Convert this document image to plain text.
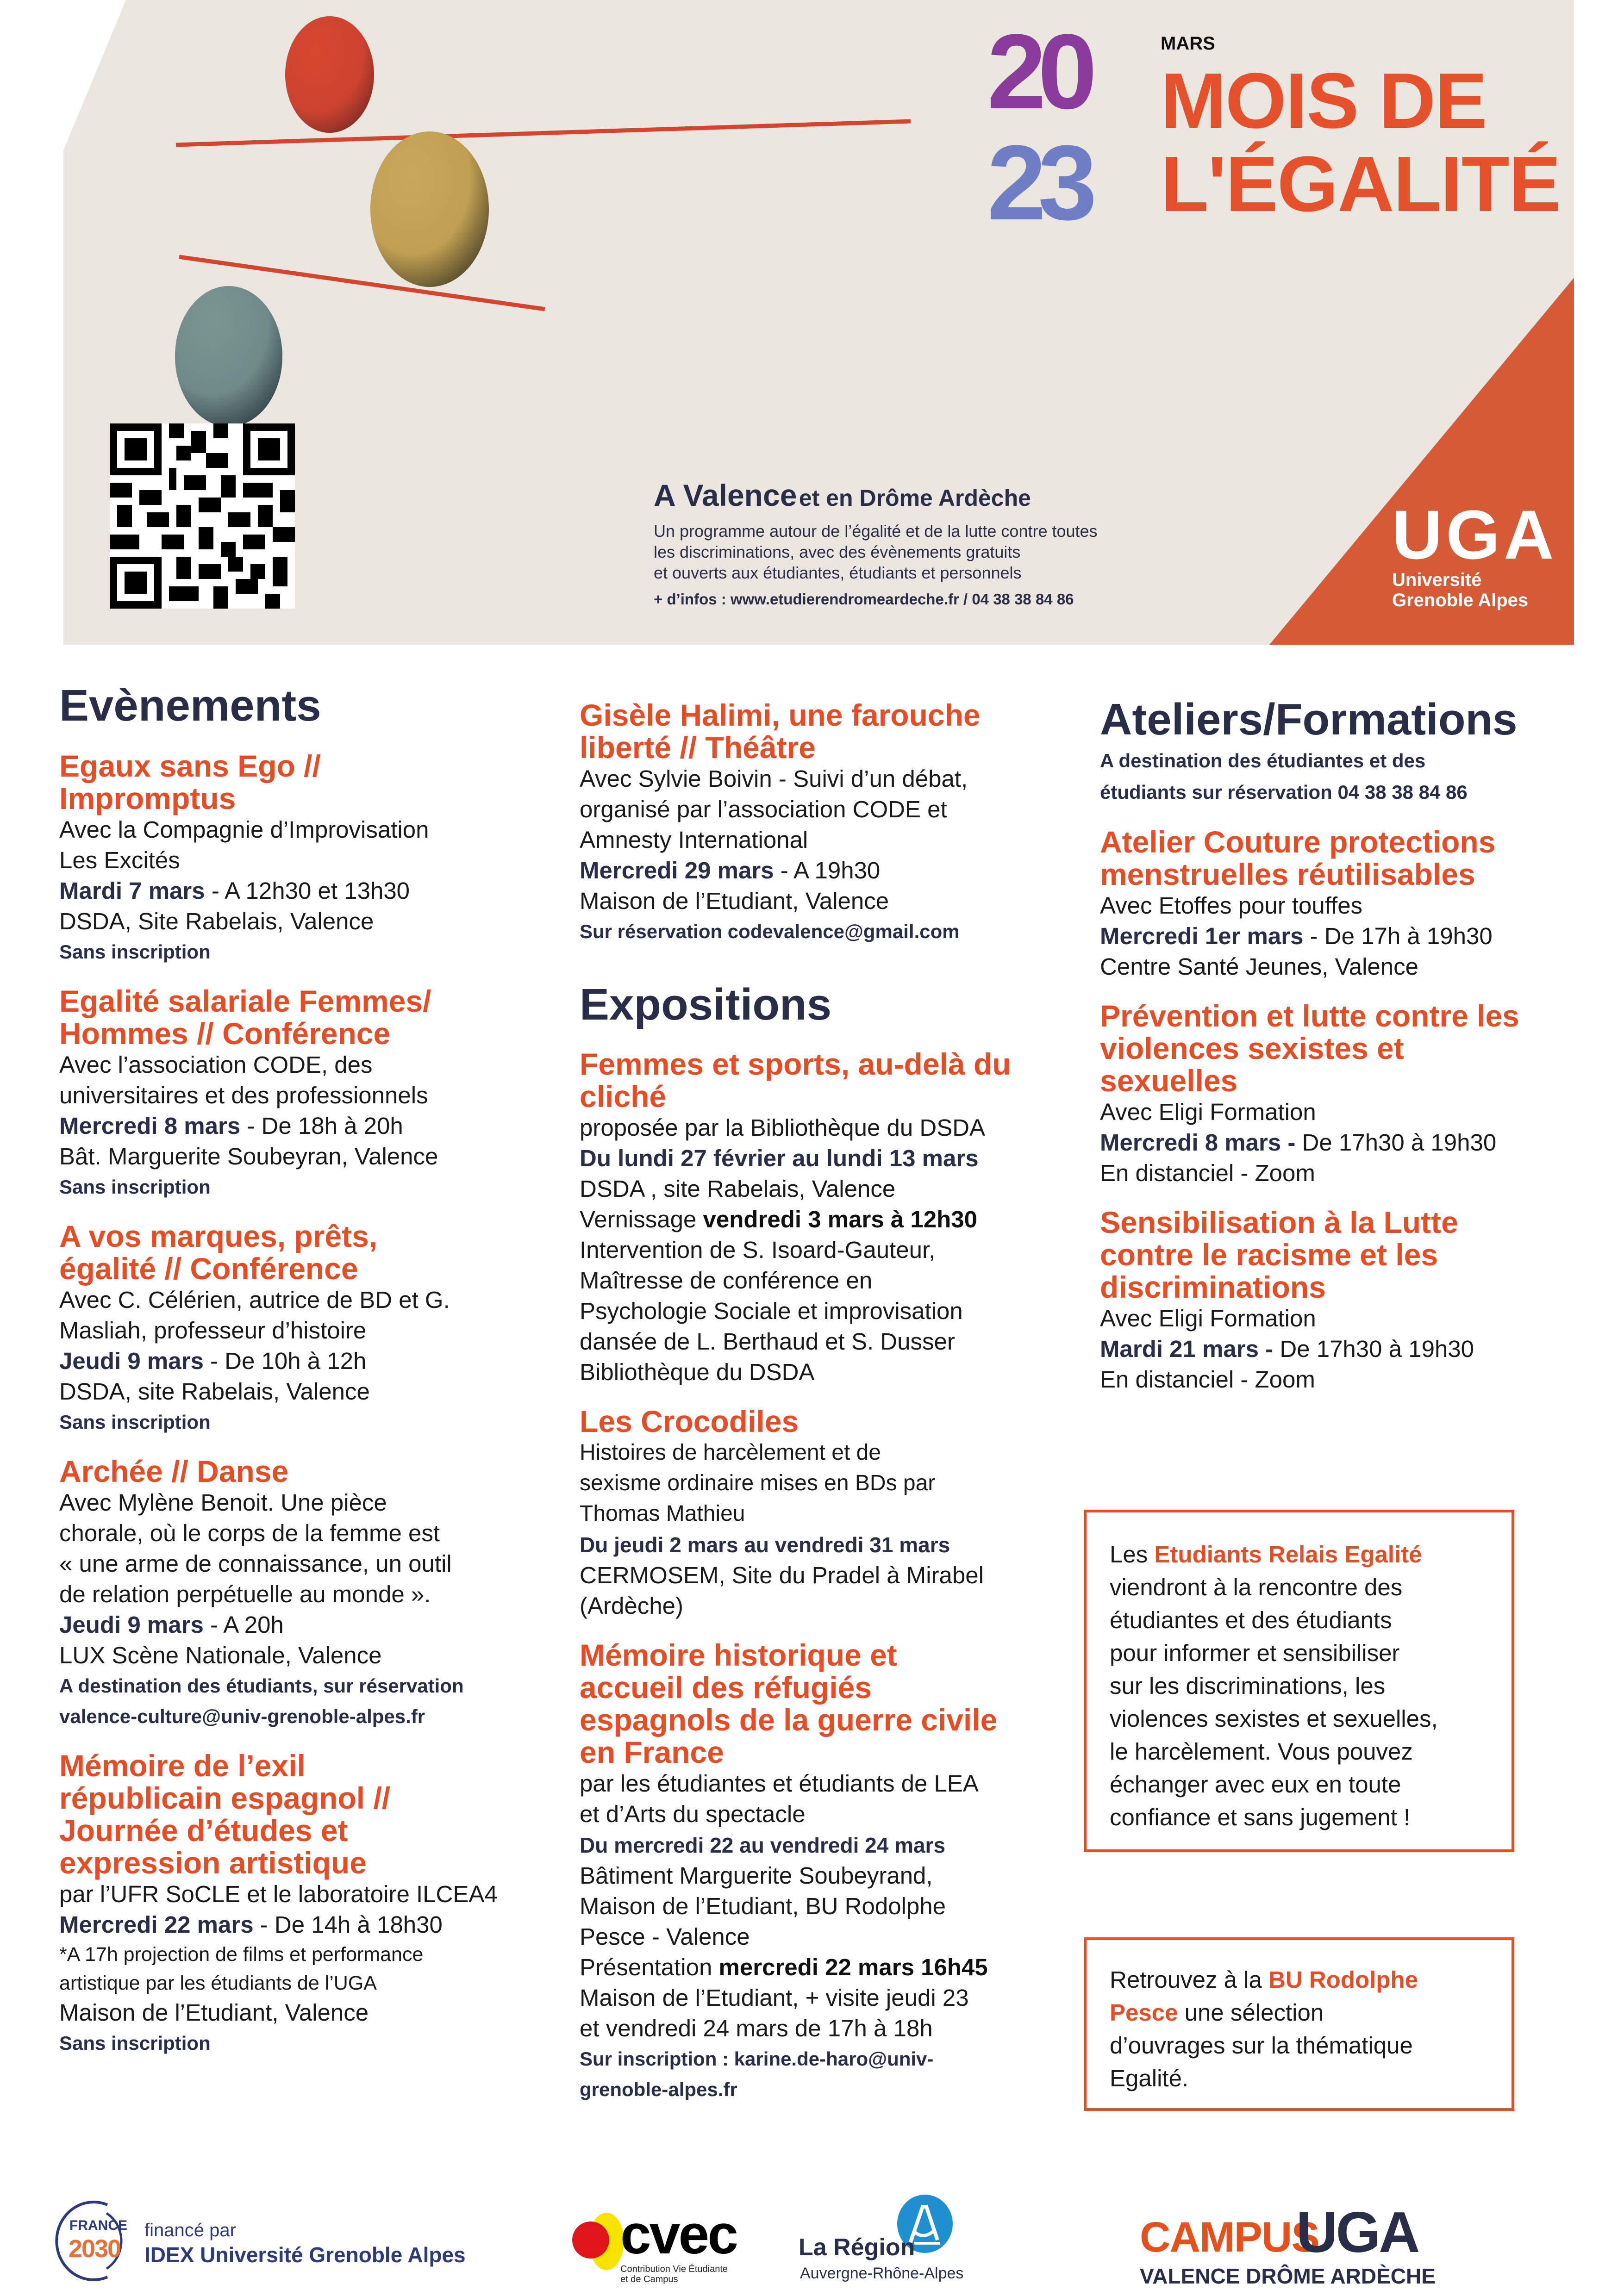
20
23
MARS
MOIS DE
L'ÉGALITÉ
A Valence et en Drôme Ardèche
Un programme autour de l’égalité et de la lutte contre toutes
les discriminations, avec des évènements gratuits
et ouverts aux étudiantes, étudiants et personnels
+ d’infos : www.etudierendromeardeche.fr / 04 38 38 84 86
UGA
Université
Grenoble Alpes
Evènements
Egaux sans Ego // Impromptus
Avec la Compagnie d’Improvisation
Les Excités
Mardi 7 mars - A 12h30 et 13h30
DSDA, Site Rabelais, Valence
Sans inscription
Egalité salariale Femmes/ Hommes // Conférence
Avec l’association CODE, des
universitaires et des professionnels
Mercredi 8 mars - De 18h à 20h
Bât. Marguerite Soubeyran, Valence
Sans inscription
A vos marques, prêts, égalité // Conférence
Avec C. Célérien, autrice de BD et G.
Masliah, professeur d’histoire
Jeudi 9 mars - De 10h à 12h
DSDA, site Rabelais, Valence
Sans inscription
Archée // Danse
Avec Mylène Benoit. Une pièce
chorale, où le corps de la femme est
« une arme de connaissance, un outil
de relation perpétuelle au monde ».
Jeudi 9 mars - A 20h
LUX Scène Nationale, Valence
A destination des étudiants, sur réservation
valence-culture@univ-grenoble-alpes.fr
Mémoire de l’exil républicain espagnol // Journée d’études et expression artistique
par l’UFR SoCLE et le laboratoire ILCEA4
Mercredi 22 mars - De 14h à 18h30
*A 17h projection de films et performance
artistique par les étudiants de l’UGA
Maison de l’Etudiant, Valence
Sans inscription
Gisèle Halimi, une farouche liberté // Théâtre
Avec Sylvie Boivin - Suivi d’un débat,
organisé par l’association CODE et
Amnesty International
Mercredi 29 mars - A 19h30
Maison de l’Etudiant, Valence
Sur réservation codevalence@gmail.com
Expositions
Femmes et sports, au-delà du cliché
proposée par la Bibliothèque du DSDA
Du lundi 27 février au lundi 13 mars
DSDA , site Rabelais, Valence
Vernissage vendredi 3 mars à 12h30
Intervention de S. Isoard-Gauteur,
Maîtresse de conférence en
Psychologie Sociale et improvisation
dansée de L. Berthaud et S. Dusser
Bibliothèque du DSDA
Les Crocodiles
Histoires de harcèlement et de
sexisme ordinaire mises en BDs par
Thomas Mathieu
Du jeudi 2 mars au vendredi 31 mars
CERMOSEM, Site du Pradel à Mirabel
(Ardèche)
Mémoire historique et accueil des réfugiés espagnols de la guerre civile en France
par les étudiantes et étudiants de LEA
et d’Arts du spectacle
Du mercredi 22 au vendredi 24 mars
Bâtiment Marguerite Soubeyrand,
Maison de l’Etudiant, BU Rodolphe
Pesce - Valence
Présentation mercredi 22 mars 16h45
Maison de l’Etudiant, + visite jeudi 23
et vendredi 24 mars de 17h à 18h
Sur inscription : karine.de-haro@univ-
grenoble-alpes.fr
Ateliers/Formations
A destination des étudiantes et des
étudiants sur réservation 04 38 38 84 86
Atelier Couture protections menstruelles réutilisables
Avec Etoffes pour touffes
Mercredi 1er mars - De 17h à 19h30
Centre Santé Jeunes, Valence
Prévention et lutte contre les violences sexistes et sexuelles
Avec Eligi Formation
Mercredi 8 mars - De 17h30 à 19h30
En distanciel - Zoom
Sensibilisation à la Lutte contre le racisme et les discriminations
Avec Eligi Formation
Mardi 21 mars - De 17h30 à 19h30
En distanciel - Zoom
Les Etudiants Relais Egalité
viendront à la rencontre des
étudiantes et des étudiants
pour informer et sensibiliser
sur les discriminations, les
violences sexistes et sexuelles,
le harcèlement. Vous pouvez
échanger avec eux en toute
confiance et sans jugement !
Retrouvez à la BU Rodolphe
Pesce une sélection
d’ouvrages sur la thématique
Egalité.
FRANCE
2030
financé par
IDEX Université Grenoble Alpes	cvec
Contribution Vie Étudiante
et de Campus
La Région
Auvergne-Rhône-Alpes
CAMPUS
UGA
VALENCE DRÔME ARDÈCHE
